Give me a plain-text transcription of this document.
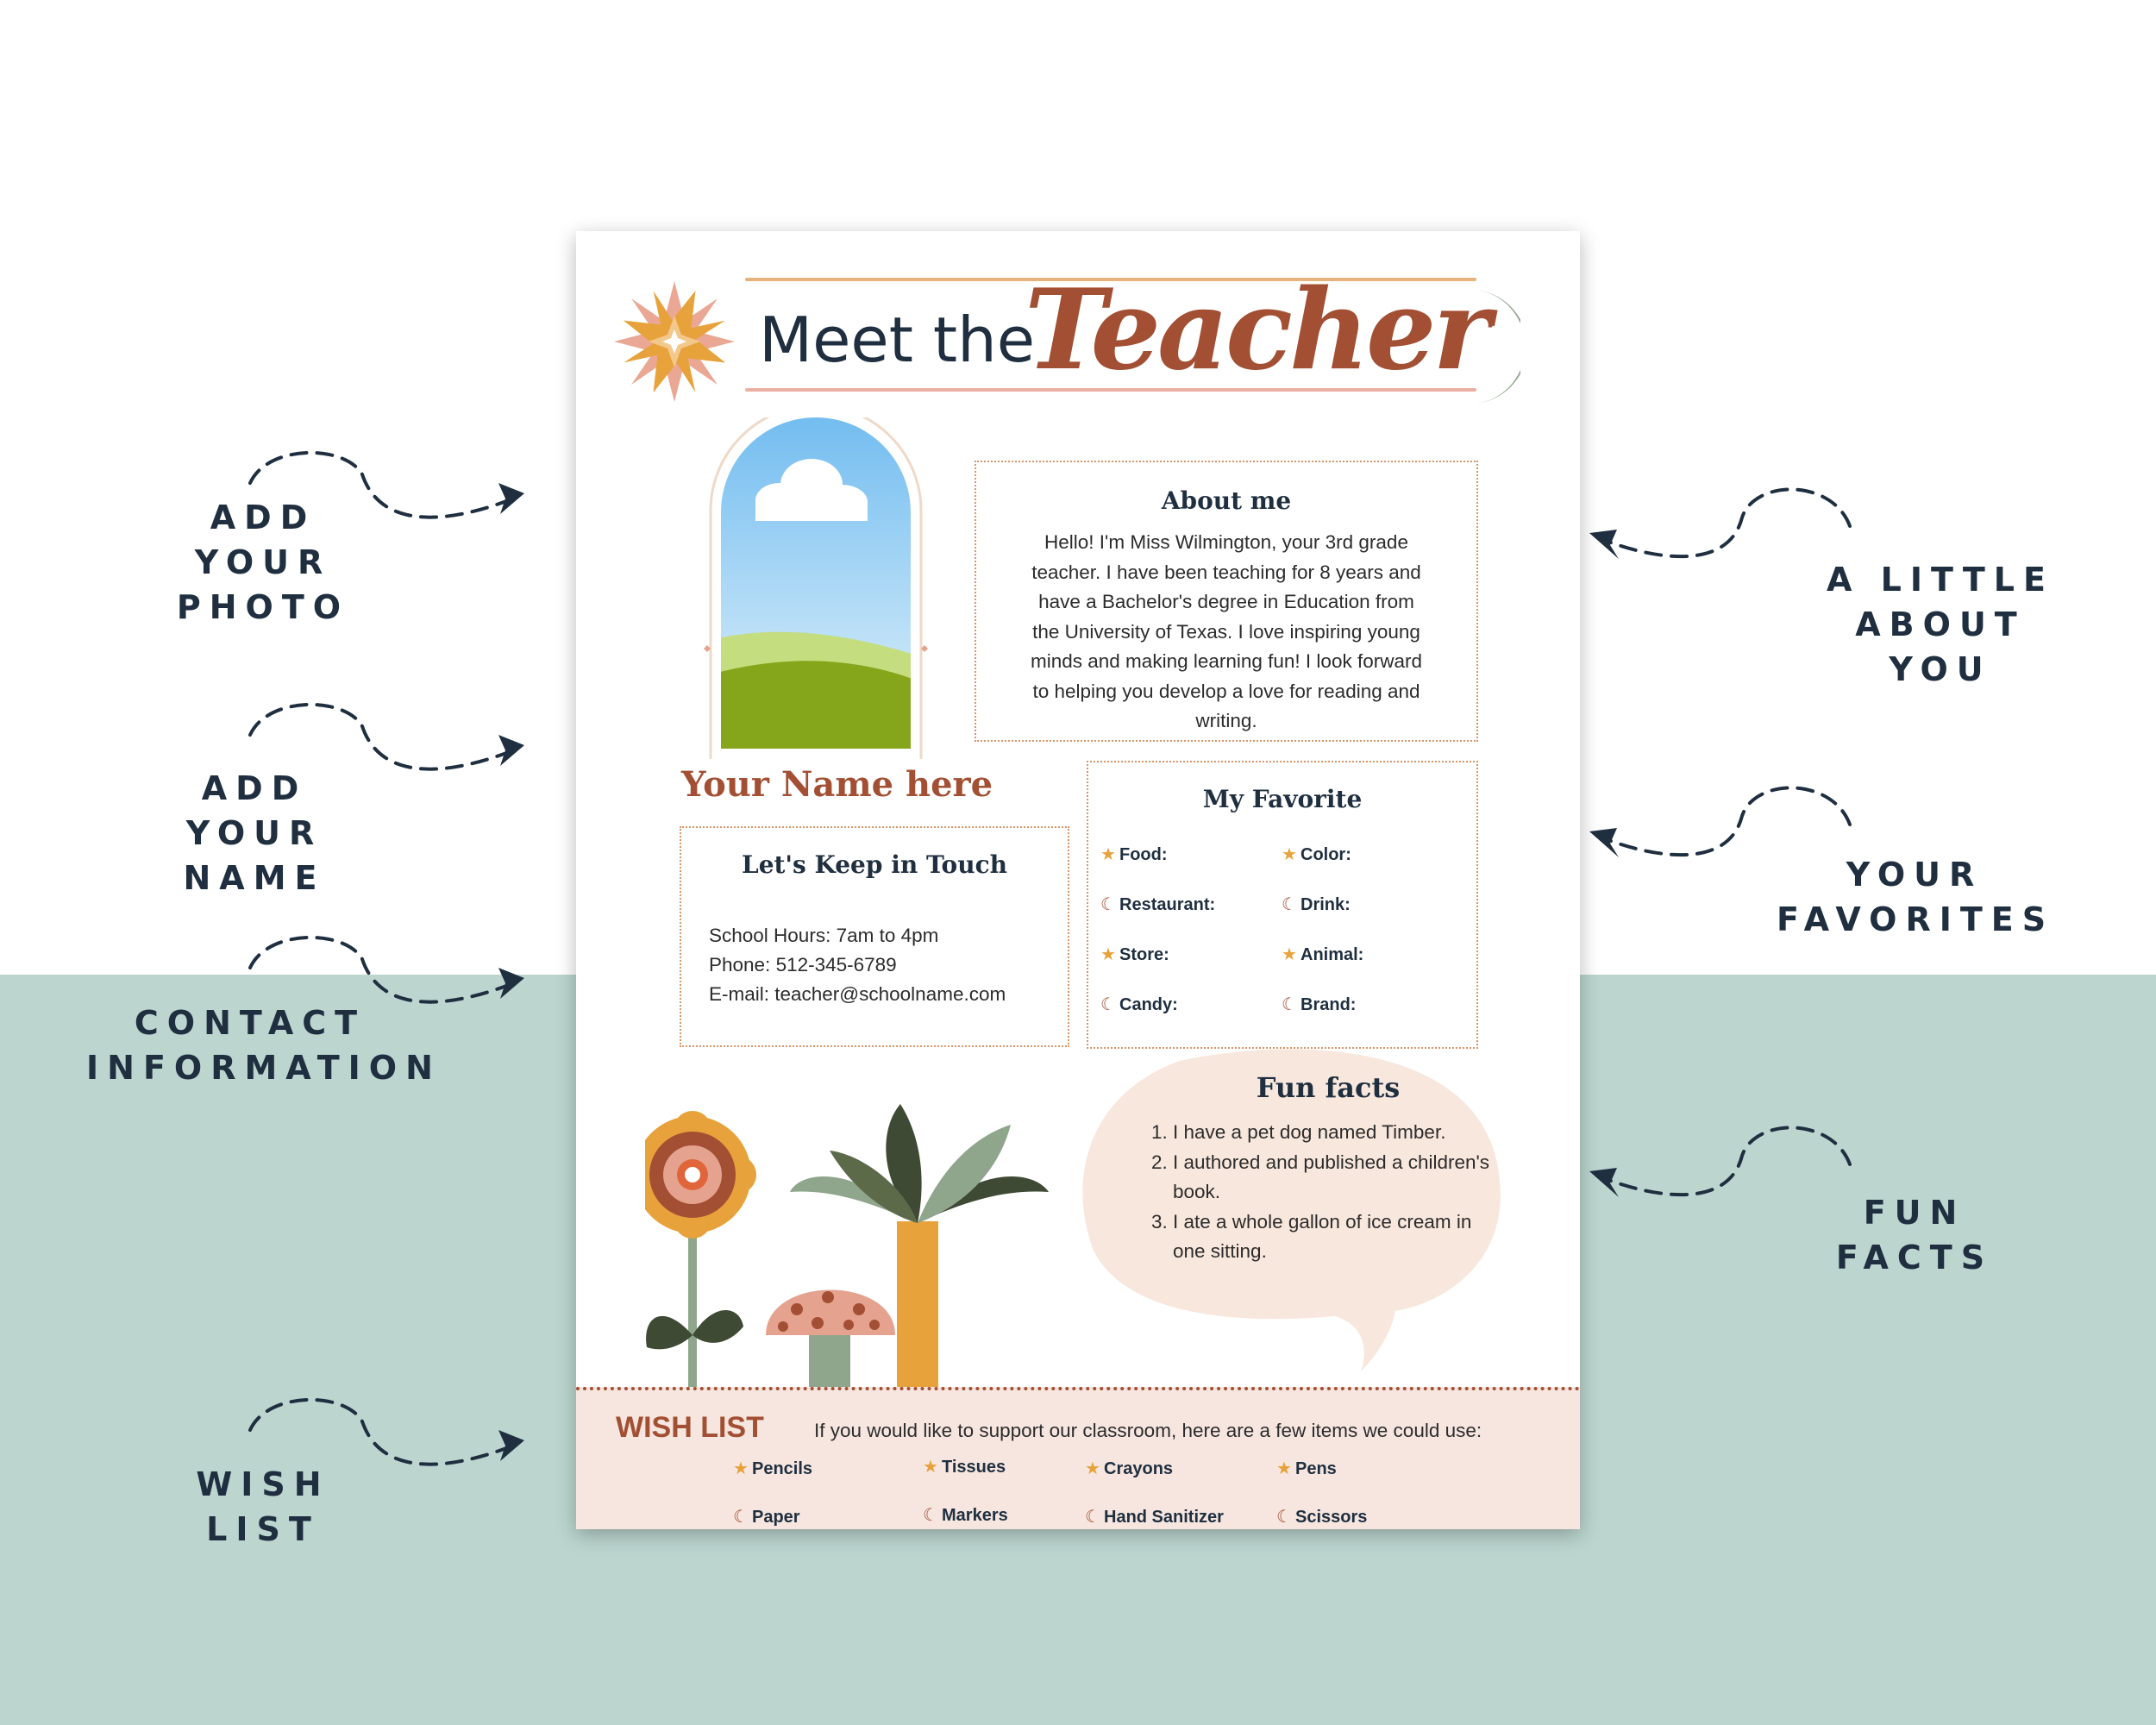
ADD YOUR
PHOTO
ADD YOUR
NAME
CONTACT
INFORMATION
WISH LIST
A LITTLE ABOUT
YOU
YOUR
FAVORITES
FUN FACTS
Meet the
Teacher
About me
Hello! I'm Miss Wilmington, your 3rd grade
teacher. I have been teaching for 8 years and
have a Bachelor's degree in Education from
the University of Texas. I love inspiring young
minds and making learning fun! I look forward
to helping you develop a love for reading and
writing.
Your Name here
Let's Keep in Touch
School Hours: 7am to 4pm
Phone: 512-345-6789
E-mail: teacher@schoolname.com
My Favorite
★ Food:	★ Color:
☾ Restaurant:	☾ Drink:
★ Store:	★ Animal:
☾ Candy:	☾ Brand:
Fun facts
1. I have a pet dog named Timber.
2. I authored and published a children's book.
3. I ate a whole gallon of ice cream in one sitting.
WISH LIST	If you would like to support our classroom, here are a few items we could use:
★ Pencils	★ Tissues	★ Crayons	★ Pens
☾ Paper	☾ Markers	☾ Hand Sanitizer	☾ Scissors
